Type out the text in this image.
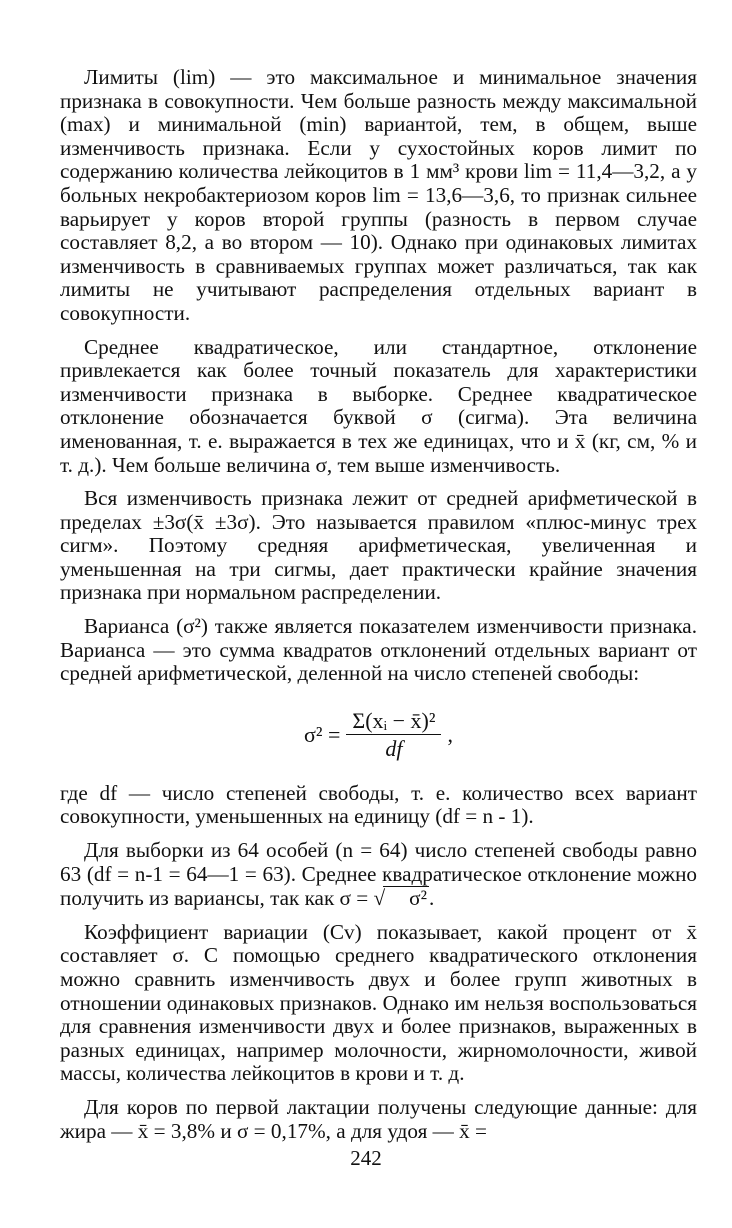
Лимиты (lim) — это максимальное и минимальное значения признака в совокупности. Чем больше разность между максимальной (max) и минимальной (min) вариантой, тем, в общем, выше изменчивость признака. Если у сухостойных коров лимит по содержанию количества лейкоцитов в 1 мм³ крови lim = 11,4—3,2, а у больных некробактериозом коров lim = 13,6—3,6, то признак сильнее варьирует у коров второй группы (разность в первом случае составляет 8,2, а во втором — 10). Однако при одинаковых лимитах изменчивость в сравниваемых группах может различаться, так как лимиты не учитывают распределения отдельных вариант в совокупности.

Среднее квадратическое, или стандартное, отклонение привлекается как более точный показатель для характеристики изменчивости признака в выборке. Среднее квадратическое отклонение обозначается буквой σ (сигма). Эта величина именованная, т. е. выражается в тех же единицах, что и x̄ (кг, см, % и т. д.). Чем больше величина σ, тем выше изменчивость.

Вся изменчивость признака лежит от средней арифметической в пределах ±3σ(x̄ ±3σ). Это называется правилом «плюс-минус трех сигм». Поэтому средняя арифметическая, увеличенная и уменьшенная на три сигмы, дает практически крайние значения признака при нормальном распределении.

Варианса (σ²) также является показателем изменчивости признака. Варианса — это сумма квадратов отклонений отдельных вариант от средней арифметической, деленной на число степеней свободы:

$\sigma^2 = \frac{\text{Σ(xᵢ − x̄)²}}{df}$ ,

где df — число степеней свободы, т. е. количество всех вариант совокупности, уменьшенных на единицу (df = n - 1).

Для выборки из 64 особей (n = 64) число степеней свободы равно 63 (df = n-1 = 64—1 = 63). Среднее квадратическое отклонение можно получить из вариансы, так как σ = √ σ².

Коэффициент вариации (Cv) показывает, какой процент от x̄ составляет σ. С помощью среднего квадратического отклонения можно сравнить изменчивость двух и более групп животных в отношении одинаковых признаков. Однако им нельзя воспользоваться для сравнения изменчивости двух и более признаков, выраженных в разных единицах, например молочности, жирномолочности, живой массы, количества лейкоцитов в крови и т. д.

Для коров по первой лактации получены следующие данные: для жира — x̄ = 3,8% и σ = 0,17%, а для удоя — x̄ =

242
